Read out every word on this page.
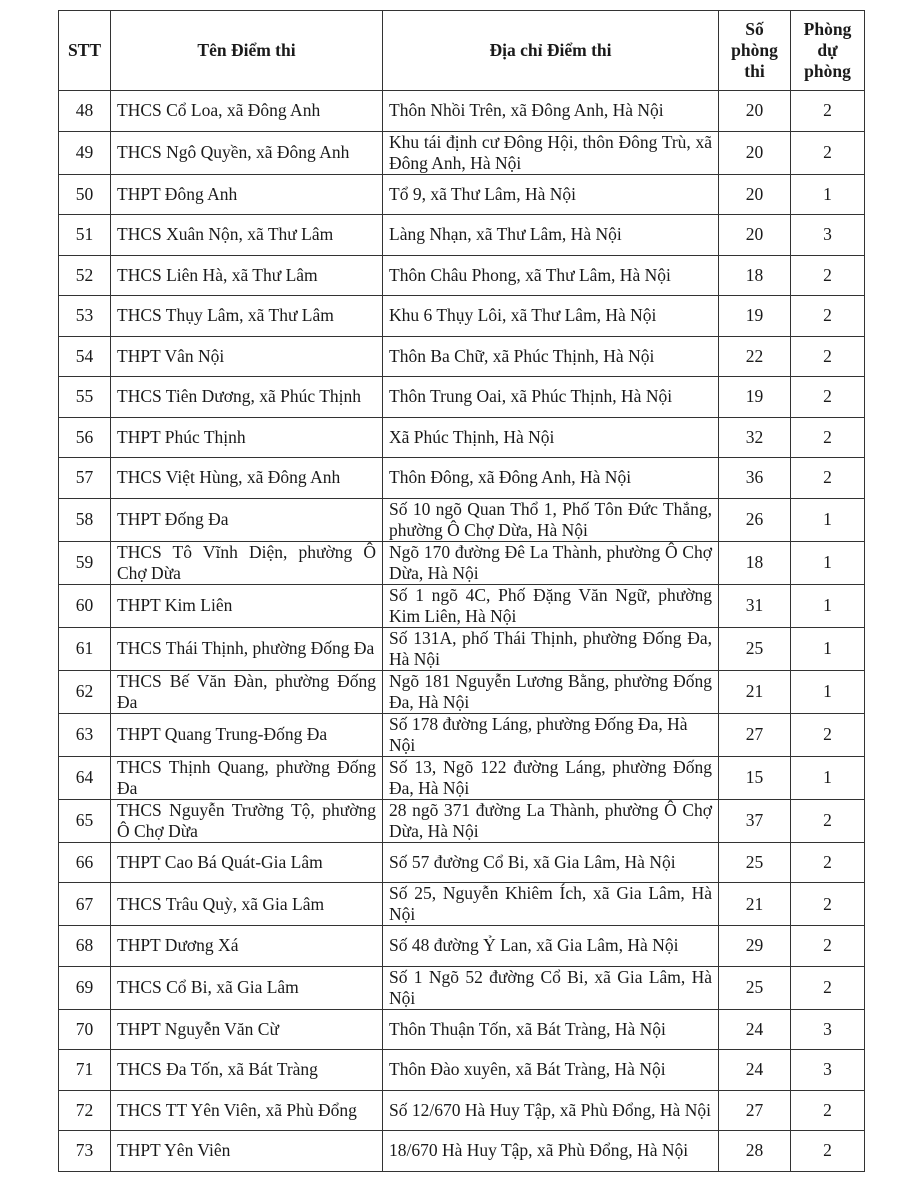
STT	Tên Điểm thi	Địa chỉ Điểm thi	Số phòng thi	Phòng dự phòng
48	THCS Cổ Loa, xã Đông Anh	Thôn Nhồi Trên, xã Đông Anh, Hà Nội	20	2
49	THCS Ngô Quyền, xã Đông Anh	Khu tái định cư Đông Hội, thôn Đông Trù, xã Đông Anh, Hà Nội	20	2
50	THPT Đông Anh	Tổ 9, xã Thư Lâm, Hà Nội	20	1
51	THCS Xuân Nộn, xã Thư Lâm	Làng Nhạn, xã Thư Lâm, Hà Nội	20	3
52	THCS Liên Hà, xã Thư Lâm	Thôn Châu Phong, xã Thư Lâm, Hà Nội	18	2
53	THCS Thụy Lâm, xã Thư Lâm	Khu 6 Thụy Lôi, xã Thư Lâm, Hà Nội	19	2
54	THPT Vân Nội	Thôn Ba Chữ, xã Phúc Thịnh, Hà Nội	22	2
55	THCS Tiên Dương, xã Phúc Thịnh	Thôn Trung Oai, xã Phúc Thịnh, Hà Nội	19	2
56	THPT Phúc Thịnh	Xã Phúc Thịnh, Hà Nội	32	2
57	THCS Việt Hùng, xã Đông Anh	Thôn Đông, xã Đông Anh, Hà Nội	36	2
58	THPT Đống Đa	Số 10 ngõ Quan Thổ 1, Phố Tôn Đức Thắng, phường Ô Chợ Dừa, Hà Nội	26	1
59	THCS Tô Vĩnh Diện, phường Ô Chợ Dừa	Ngõ 170 đường Đê La Thành, phường Ô Chợ Dừa, Hà Nội	18	1
60	THPT Kim Liên	Số 1 ngõ 4C, Phố Đặng Văn Ngữ, phường Kim Liên, Hà Nội	31	1
61	THCS Thái Thịnh, phường Đống Đa	Số 131A, phố Thái Thịnh, phường Đống Đa, Hà Nội	25	1
62	THCS Bế Văn Đàn, phường Đống Đa	Ngõ 181 Nguyễn Lương Bằng, phường Đống Đa, Hà Nội	21	1
63	THPT Quang Trung-Đống Đa	Số 178 đường Láng, phường Đống Đa, Hà Nội	27	2
64	THCS Thịnh Quang, phường Đống Đa	Số 13, Ngõ 122 đường Láng, phường Đống Đa, Hà Nội	15	1
65	THCS Nguyễn Trường Tộ, phường Ô Chợ Dừa	28 ngõ 371 đường La Thành, phường Ô Chợ Dừa, Hà Nội	37	2
66	THPT Cao Bá Quát-Gia Lâm	Số 57 đường Cổ Bi, xã Gia Lâm, Hà Nội	25	2
67	THCS Trâu Quỳ, xã Gia Lâm	Số 25, Nguyễn Khiêm Ích, xã Gia Lâm, Hà Nội	21	2
68	THPT Dương Xá	Số 48 đường Ỷ Lan, xã Gia Lâm, Hà Nội	29	2
69	THCS Cổ Bi, xã Gia Lâm	Số 1 Ngõ 52 đường Cổ Bi, xã Gia Lâm, Hà Nội	25	2
70	THPT Nguyễn Văn Cừ	Thôn Thuận Tốn, xã Bát Tràng, Hà Nội	24	3
71	THCS Đa Tốn, xã Bát Tràng	Thôn Đào xuyên, xã Bát Tràng, Hà Nội	24	3
72	THCS TT Yên Viên, xã Phù Đổng	Số 12/670 Hà Huy Tập, xã Phù Đổng, Hà Nội	27	2
73	THPT Yên Viên	18/670 Hà Huy Tập, xã Phù Đổng, Hà Nội	28	2
